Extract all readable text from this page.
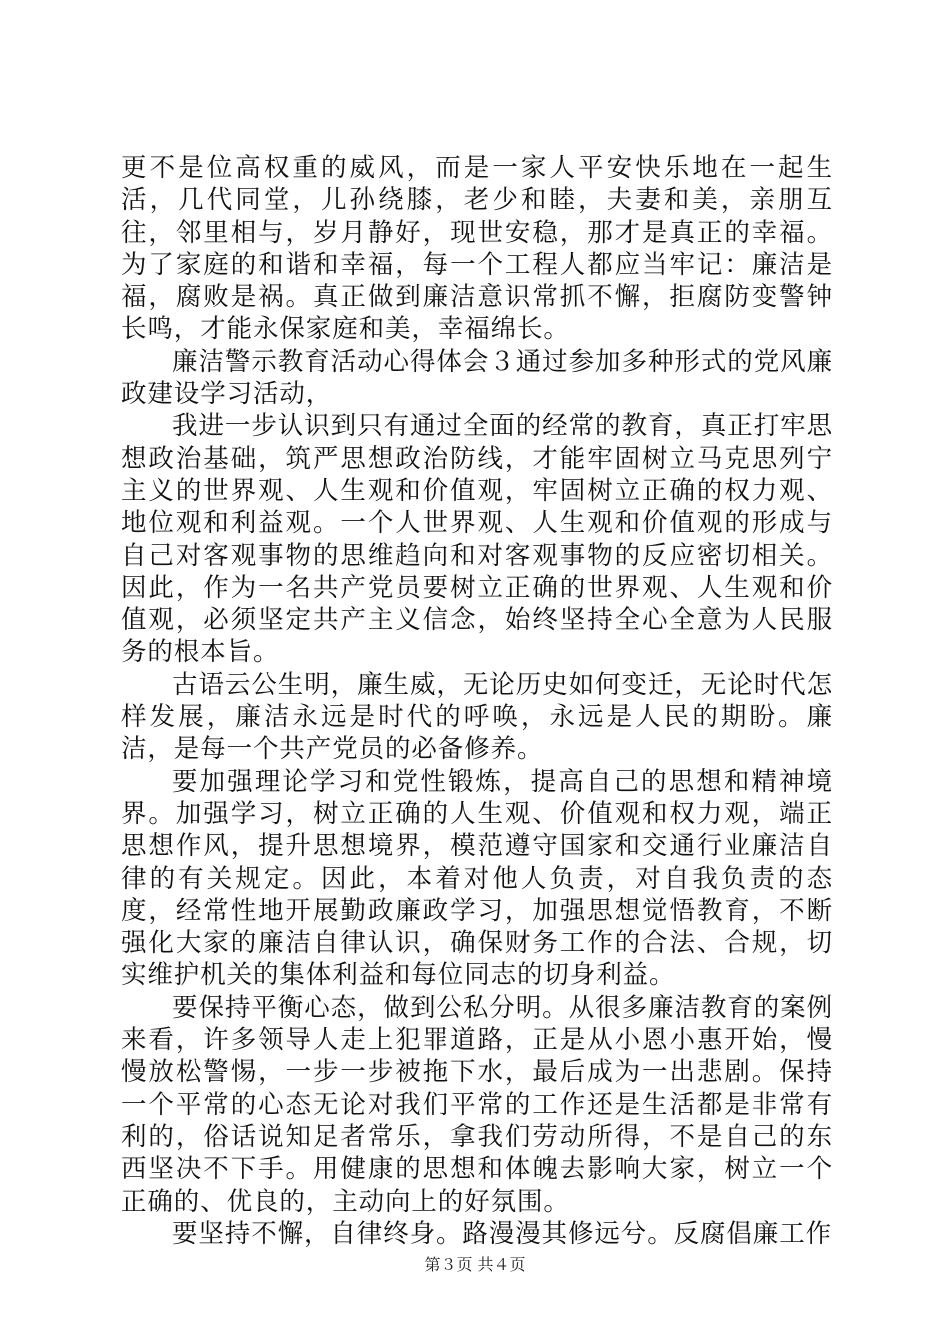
更不是位高权重的威风，而是一家人平安快乐地在一起生活，几代同堂，儿孙绕膝，老少和睦，夫妻和美，亲朋互往，邻里相与，岁月静好，现世安稳，那才是真正的幸福。为了家庭的和谐和幸福，每一个工程人都应当牢记：廉洁是福，腐败是祸。真正做到廉洁意识常抓不懈，拒腐防变警钟长鸣，才能永保家庭和美，幸福绵长。

廉洁警示教育活动心得体会３通过参加多种形式的党风廉政建设学习活动，

我进一步认识到只有通过全面的经常的教育，真正打牢思想政治基础，筑严思想政治防线，才能牢固树立马克思列宁主义的世界观、人生观和价值观，牢固树立正确的权力观、地位观和利益观。一个人世界观、人生观和价值观的形成与自己对客观事物的思维趋向和对客观事物的反应密切相关。因此，作为一名共产党员要树立正确的世界观、人生观和价值观，必须坚定共产主义信念，始终坚持全心全意为人民服务的根本旨。

古语云公生明，廉生威，无论历史如何变迁，无论时代怎样发展，廉洁永远是时代的呼唤，永远是人民的期盼。廉洁，是每一个共产党员的必备修养。

要加强理论学习和党性锻炼，提高自己的思想和精神境界。加强学习，树立正确的人生观、价值观和权力观，端正思想作风，提升思想境界，模范遵守国家和交通行业廉洁自律的有关规定。因此，本着对他人负责，对自我负责的态度，经常性地开展勤政廉政学习，加强思想觉悟教育，不断强化大家的廉洁自律认识，确保财务工作的合法、合规，切实维护机关的集体利益和每位同志的切身利益。

要保持平衡心态，做到公私分明。从很多廉洁教育的案例来看，许多领导人走上犯罪道路，正是从小恩小惠开始，慢慢放松警惕，一步一步被拖下水，最后成为一出悲剧。保持一个平常的心态无论对我们平常的工作还是生活都是非常有利的，俗话说知足者常乐，拿我们劳动所得，不是自己的东西坚决不下手。用健康的思想和体魄去影响大家，树立一个正确的、优良的，主动向上的好氛围。

要坚持不懈，自律终身。路漫漫其修远兮。反腐倡廉工作

第３页 共４页
